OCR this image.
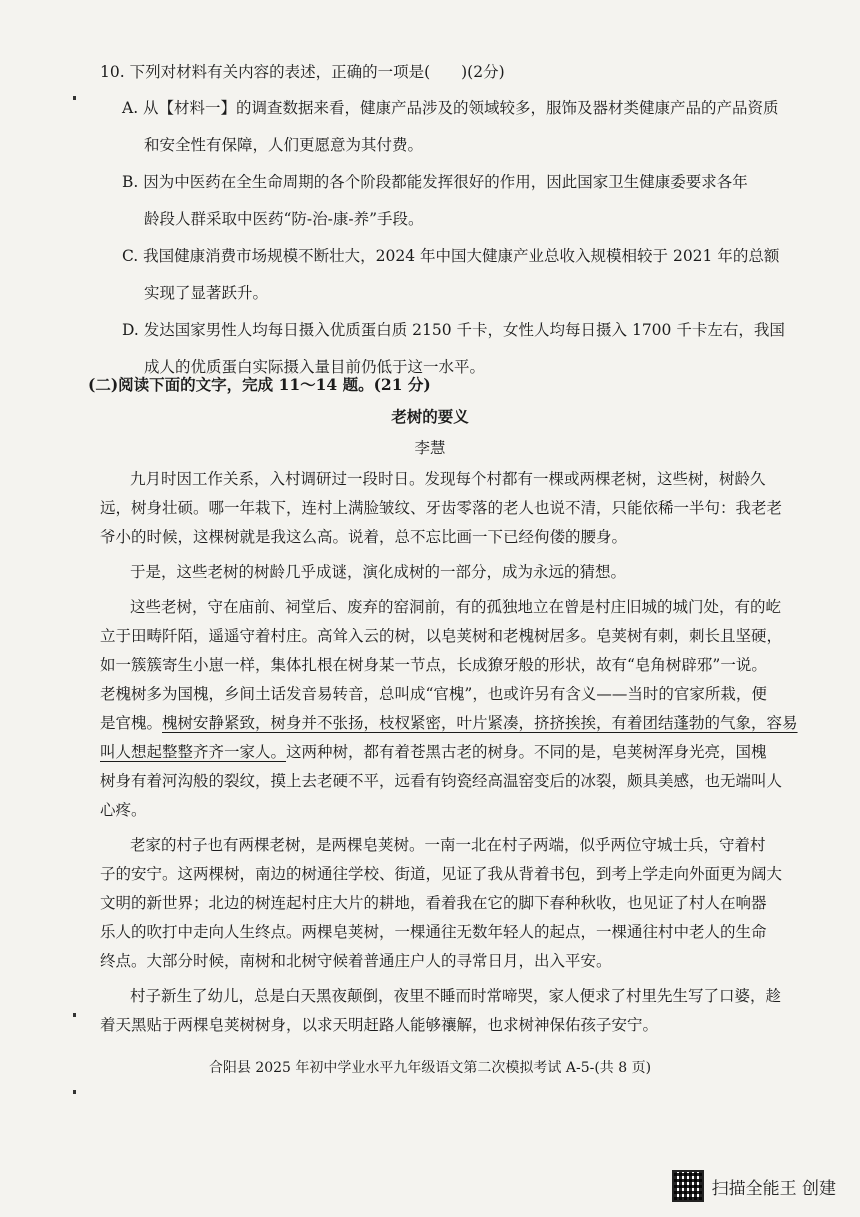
10. 下列对材料有关内容的表述，正确的一项是(　　)(2分)
A. 从【材料一】的调查数据来看，健康产品涉及的领域较多，服饰及器材类健康产品的产品资质
和安全性有保障，人们更愿意为其付费。
B. 因为中医药在全生命周期的各个阶段都能发挥很好的作用，因此国家卫生健康委要求各年
龄段人群采取中医药“防-治-康-养”手段。
C. 我国健康消费市场规模不断壮大，2024 年中国大健康产业总收入规模相较于 2021 年的总额
实现了显著跃升。
D. 发达国家男性人均每日摄入优质蛋白质 2150 千卡，女性人均每日摄入 1700 千卡左右，我国
成人的优质蛋白实际摄入量目前仍低于这一水平。
(二)阅读下面的文字，完成 11～14 题。(21 分)
老树的要义
李慧

九月时因工作关系，入村调研过一段时日。发现每个村都有一棵或两棵老树，这些树，树龄久

远，树身壮硕。哪一年栽下，连村上满脸皱纹、牙齿零落的老人也说不清，只能依稀一半句：我老老

爷小的时候，这棵树就是我这么高。说着，总不忘比画一下已经佝偻的腰身。

于是，这些老树的树龄几乎成谜，演化成树的一部分，成为永远的猜想。

这些老树，守在庙前、祠堂后、废弃的窑洞前，有的孤独地立在曾是村庄旧城的城门处，有的屹

立于田畴阡陌，遥遥守着村庄。高耸入云的树，以皂荚树和老槐树居多。皂荚树有刺，刺长且坚硬，

如一簇簇寄生小崽一样，集体扎根在树身某一节点，长成獠牙般的形状，故有“皂角树辟邪”一说。

老槐树多为国槐，乡间土话发音易转音，总叫成“官槐”，也或许另有含义——当时的官家所栽，便

是官槐。槐树安静紧致，树身并不张扬，枝杈紧密，叶片紧凑，挤挤挨挨，有着团结蓬勃的气象，容易

叫人想起整整齐齐一家人。这两种树，都有着苍黑古老的树身。不同的是，皂荚树浑身光亮，国槐

树身有着河沟般的裂纹，摸上去老硬不平，远看有钧瓷经高温窑变后的冰裂，颇具美感，也无端叫人

心疼。

老家的村子也有两棵老树，是两棵皂荚树。一南一北在村子两端，似乎两位守城士兵，守着村

子的安宁。这两棵树，南边的树通往学校、街道，见证了我从背着书包，到考上学走向外面更为阔大

文明的新世界；北边的树连起村庄大片的耕地，看着我在它的脚下春种秋收，也见证了村人在响器

乐人的吹打中走向人生终点。两棵皂荚树，一棵通往无数年轻人的起点，一棵通往村中老人的生命

终点。大部分时候，南树和北树守候着普通庄户人的寻常日月，出入平安。

村子新生了幼儿，总是白天黑夜颠倒，夜里不睡而时常啼哭，家人便求了村里先生写了口婆，趁

着天黑贴于两棵皂荚树树身，以求天明赶路人能够禳解，也求树神保佑孩子安宁。

合阳县 2025 年初中学业水平九年级语文第二次模拟考试 A-5-(共 8 页)
扫描全能王 创建
